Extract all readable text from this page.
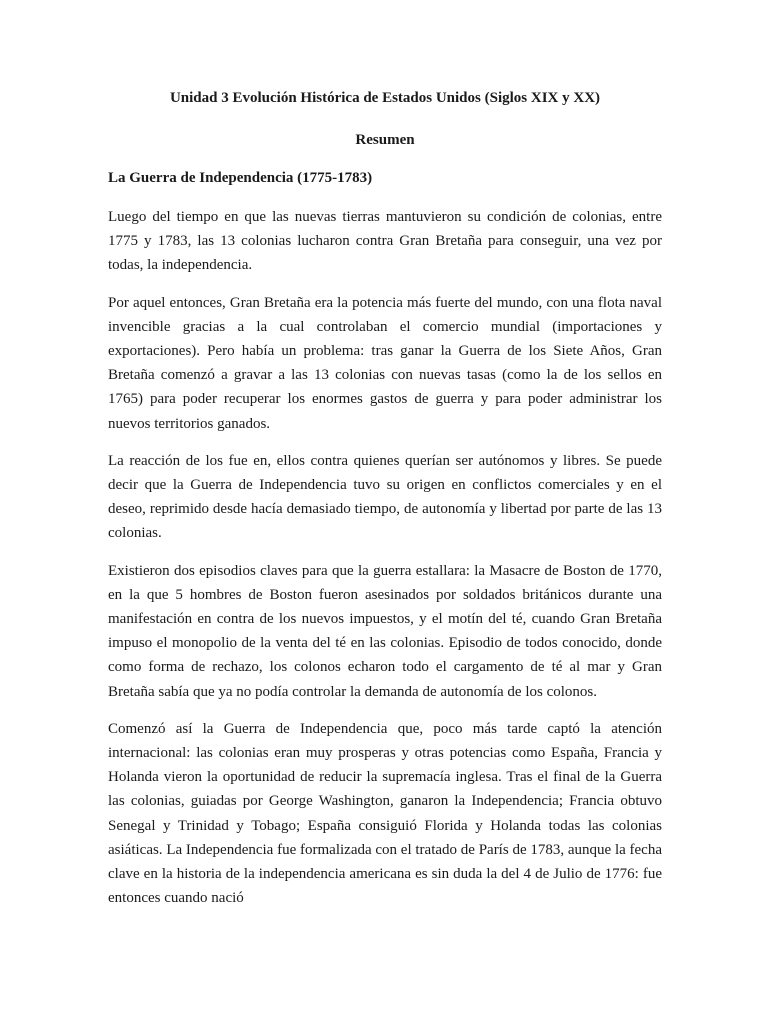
Unidad 3 Evolución Histórica de Estados Unidos (Siglos XIX y XX)
Resumen
La Guerra de Independencia (1775-1783)

Luego del tiempo en que las nuevas tierras mantuvieron su condición de colonias, entre 1775 y 1783, las 13 colonias lucharon contra Gran Bretaña para conseguir, una vez por todas, la independencia.

Por aquel entonces, Gran Bretaña era la potencia más fuerte del mundo, con una flota naval invencible gracias a la cual controlaban el comercio mundial (importaciones y exportaciones). Pero había un problema: tras ganar la Guerra de los Siete Años, Gran Bretaña comenzó a gravar a las 13 colonias con nuevas tasas (como la de los sellos en 1765) para poder recuperar los enormes gastos de guerra y para poder administrar los nuevos territorios ganados.

La reacción de los fue en, ellos contra quienes querían ser autónomos y libres. Se puede decir que la Guerra de Independencia tuvo su origen en conflictos comerciales y en el deseo, reprimido desde hacía demasiado tiempo, de autonomía y libertad por parte de las 13 colonias.

Existieron dos episodios claves para que la guerra estallara: la Masacre de Boston de 1770, en la que 5 hombres de Boston fueron asesinados por soldados británicos durante una manifestación en contra de los nuevos impuestos, y el motín del té, cuando Gran Bretaña impuso el monopolio de la venta del té en las colonias. Episodio de todos conocido, donde como forma de rechazo, los colonos echaron todo el cargamento de té al mar y Gran Bretaña sabía que ya no podía controlar la demanda de autonomía de los colonos.

Comenzó así la Guerra de Independencia que, poco más tarde captó la atención internacional: las colonias eran muy prosperas y otras potencias como España, Francia y Holanda vieron la oportunidad de reducir la supremacía inglesa. Tras el final de la Guerra las colonias, guiadas por George Washington, ganaron la Independencia; Francia obtuvo Senegal y Trinidad y Tobago; España consiguió Florida y Holanda todas las colonias asiáticas. La Independencia fue formalizada con el tratado de París de 1783, aunque la fecha clave en la historia de la independencia americana es sin duda la del 4 de Julio de 1776: fue entonces cuando nació
